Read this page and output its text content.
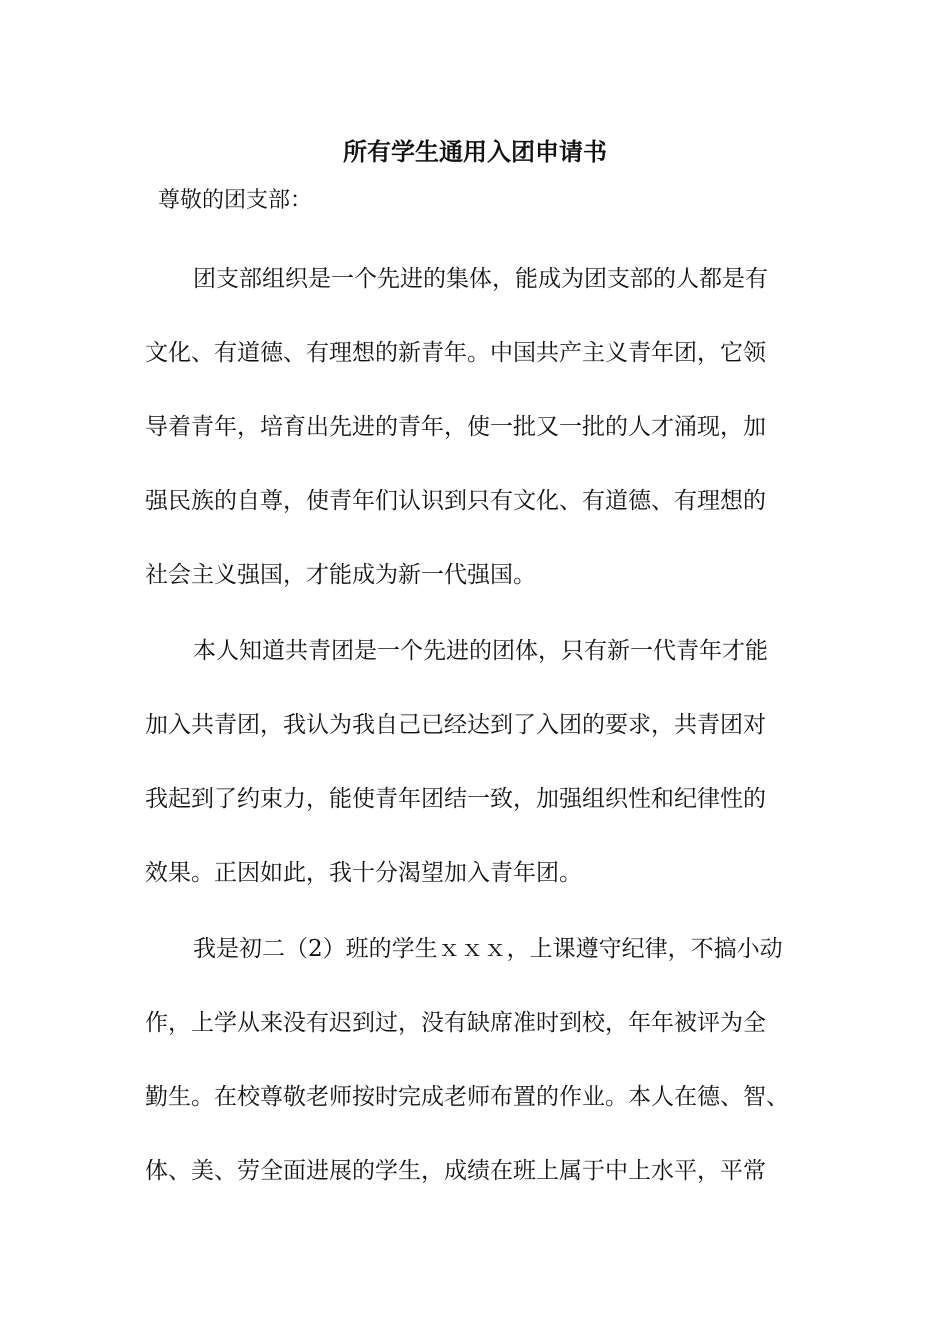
所有学生通用入团申请书
尊敬的团支部：
团支部组织是一个先进的集体，能成为团支部的人都是有
文化、有道德、有理想的新青年。中国共产主义青年团，它领
导着青年，培育出先进的青年，使一批又一批的人才涌现，加
强民族的自尊，使青年们认识到只有文化、有道德、有理想的
社会主义强国，才能成为新一代强国。
本人知道共青团是一个先进的团体，只有新一代青年才能
加入共青团，我认为我自己已经达到了入团的要求，共青团对
我起到了约束力，能使青年团结一致，加强组织性和纪律性的
效果。正因如此，我十分渴望加入青年团。
我是初二（2）班的学生ｘｘｘ，上课遵守纪律，不搞小动
作，上学从来没有迟到过，没有缺席准时到校，年年被评为全
勤生。在校尊敬老师按时完成老师布置的作业。本人在德、智、
体、美、劳全面进展的学生，成绩在班上属于中上水平，平常
